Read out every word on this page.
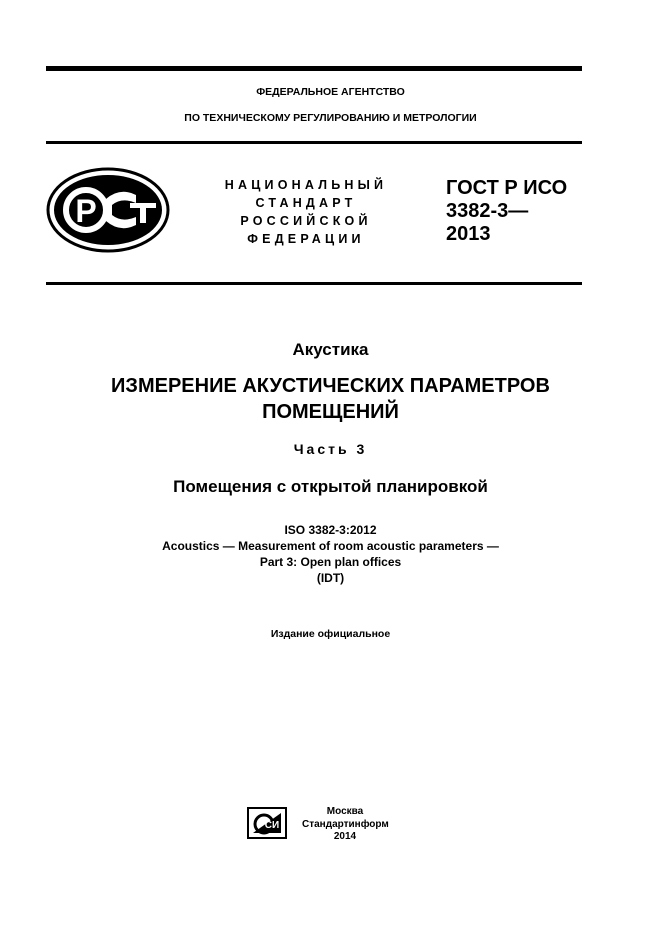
ФЕДЕРАЛЬНОЕ АГЕНТСТВО
ПО ТЕХНИЧЕСКОМУ РЕГУЛИРОВАНИЮ И МЕТРОЛОГИИ
Р
НАЦИОНАЛЬНЫЙ
СТАНДАРТ
РОССИЙСКОЙ
ФЕДЕРАЦИИ
ГОСТ Р ИСО
3382-3—
2013
Акустика
ИЗМЕРЕНИЕ АКУСТИЧЕСКИХ ПАРАМЕТРОВ
ПОМЕЩЕНИЙ
Часть 3
Помещения с открытой планировкой
ISO 3382-3:2012
Acoustics — Measurement of room acoustic parameters —
Part 3: Open plan offices
(IDT)
Издание официальное
СИ
Москва
Стандартинформ
2014
